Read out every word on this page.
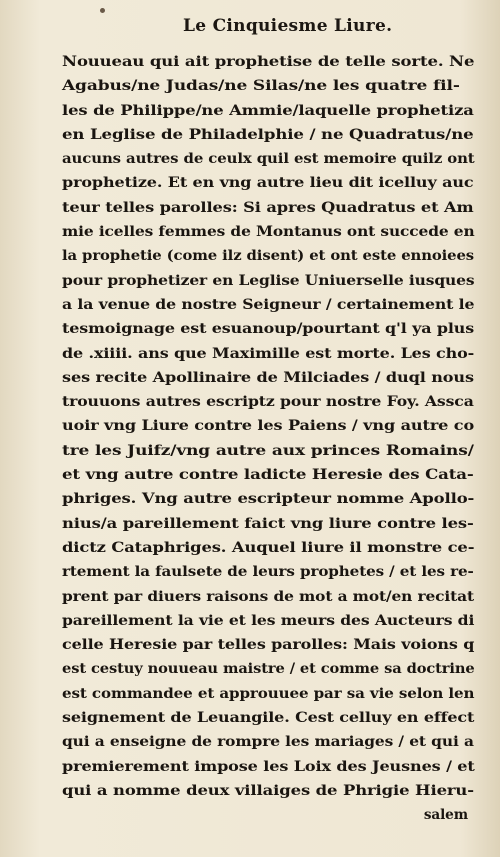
Le Cinquiesme Liure.
Nouueau qui ait prophetise de telle sorte. Ne
Agabus/ne Judas/ne Silas/ne les quatre fil-
les de Philippe/ne Ammie/laquelle prophetiza
en Leglise de Philadelphie / ne Quadratus/ne
aucuns autres de ceulx quil est memoire quilz ont
prophetize. Et en vng autre lieu dit icelluy auc
teur telles parolles: Si apres Quadratus et Am
mie icelles femmes de Montanus ont succede en
la prophetie (come ilz disent) et ont este ennoiees
pour prophetizer en Leglise Uniuerselle iusques
a la venue de nostre Seigneur / certainement le
tesmoignage est esuanoup/pourtant q'l ya plus
de .xiiii. ans que Maximille est morte. Les cho-
ses recite Apollinaire de Milciades / duql nous
trouuons autres escriptz pour nostre Foy. Assca
uoir vng Liure contre les Paiens / vng autre co
tre les Juifz/vng autre aux princes Romains/
et vng autre contre ladicte Heresie des Cata-
phriges. Vng autre escripteur nomme Apollo-
nius/a pareillement faict vng liure contre les-
dictz Cataphriges. Auquel liure il monstre ce-
rtement la faulsete de leurs prophetes / et les re-
prent par diuers raisons de mot a mot/en recitat
pareillement la vie et les meurs des Aucteurs di
celle Heresie par telles parolles: Mais voions q
est cestuy nouueau maistre / et comme sa doctrine
est commandee et approuuee par sa vie selon len
seignement de Leuangile. Cest celluy en effect
qui a enseigne de rompre les mariages / et qui a
premierement impose les Loix des Jeusnes / et
qui a nomme deux villaiges de Phrigie Hieru-
salem
